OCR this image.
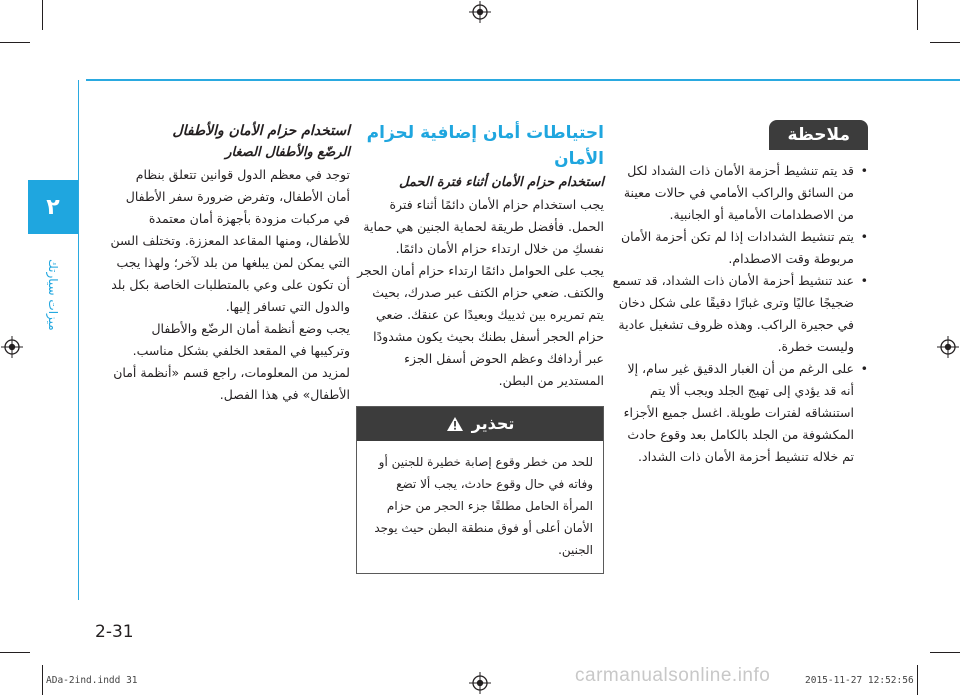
٢
ميزات سيارتك
ملاحظة
• قد يتم تنشيط أحزمة الأمان ذات الشداد لكل من السائق والراكب الأمامي في حالات معينة من الاصطدامات الأمامية أو الجانبية.
• يتم تنشيط الشدادات إذا لم تكن أحزمة الأمان مربوطة وقت الاصطدام.
• عند تنشيط أحزمة الأمان ذات الشداد، قد تسمع ضجيجًا عاليًا وترى غبارًا دقيقًا على شكل دخان في حجيرة الراكب. وهذه ظروف تشغيل عادية وليست خطرة.
• على الرغم من أن الغبار الدقيق غير سام، إلا أنه قد يؤدي إلى تهيج الجلد ويجب ألا يتم استنشاقه لفترات طويلة. اغسل جميع الأجزاء المكشوفة من الجلد بالكامل بعد وقوع حادث تم خلاله تنشيط أحزمة الأمان ذات الشداد.
احتياطات أمان إضافية لحزام الأمان
استخدام حزام الأمان أثناء فترة الحمل
يجب استخدام حزام الأمان دائمًا أثناء فترة الحمل. فأفضل طريقة لحماية الجنين هي حماية نفسكِ من خلال ارتداء حزام الأمان دائمًا.
يجب على الحوامل دائمًا ارتداء حزام أمان الحجر والكتف. ضعي حزام الكتف عبر صدرك، بحيث يتم تمريره بين ثدييك وبعيدًا عن عنقك. ضعي حزام الحجر أسفل بطنك بحيث يكون مشدودًا عبر أردافك وعظم الحوض أسفل الجزء المستدير من البطن.
تحذير
للحد من خطر وقوع إصابة خطيرة للجنين أو وفاته في حال وقوع حادث، يجب ألا تضع المرأة الحامل مطلقًا جزء الحجر من حزام الأمان أعلى أو فوق منطقة البطن حيث يوجد الجنين.
استخدام حزام الأمان والأطفال
الرضّع والأطفال الصغار
توجد في معظم الدول قوانين تتعلق بنظام أمان الأطفال، وتفرض ضرورة سفر الأطفال في مركبات مزودة بأجهزة أمان معتمدة للأطفال، ومنها المقاعد المعززة. وتختلف السن التي يمكن لمن يبلغها من بلد لآخر؛ ولهذا يجب أن تكون على وعي بالمتطلبات الخاصة بكل بلد والدول التي تسافر إليها.
يجب وضع أنظمة أمان الرضّع والأطفال وتركيبها في المقعد الخلفي بشكل مناسب. لمزيد من المعلومات، راجع قسم «أنظمة أمان الأطفال» في هذا الفصل.
2-31
ADa-2ind.indd 31	carmanualsonline.info	2015-11-27 12:52:56
